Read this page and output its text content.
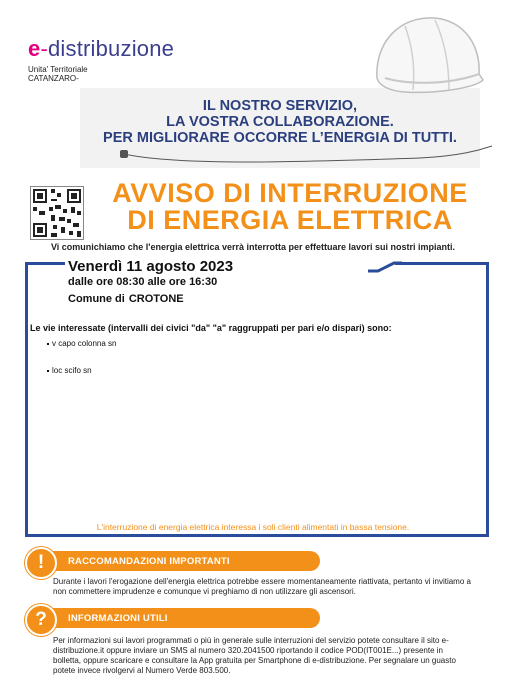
e-distribuzione
Unita' Territoriale
CATANZARO-
IL NOSTRO SERVIZIO,
LA VOSTRA COLLABORAZIONE.
PER MIGLIORARE OCCORRE L’ENERGIA DI TUTTI.
AVVISO DI INTERRUZIONE
DI ENERGIA ELETTRICA
Vi comunichiamo che l'energia elettrica verrà interrotta per effettuare lavori sui nostri impianti.
Venerdì 11 agosto 2023
dalle ore 08:30 alle ore 16:30
Comune di CROTONE
Le vie interessate (intervalli dei civici "da" "a" raggruppati per pari e/o dispari) sono:
v capo colonna sn
loc scifo sn
L'interruzione di energia elettrica interessa i soli clienti alimentati in bassa tensione.
!	RACCOMANDAZIONI IMPORTANTI
Durante i lavori l'erogazione dell'energia elettrica potrebbe essere momentaneamente riattivata, pertanto vi invitiamo a non commettere imprudenze e comunque vi preghiamo di non utilizzare gli ascensori.
?	INFORMAZIONI UTILI
Per informazioni sui lavori programmati o più in generale sulle interruzioni del servizio potete consultare il sito e-distribuzione.it oppure inviare un SMS al numero 320.2041500 riportando il codice POD(IT001E...) presente in bolletta, oppure scaricare e consultare la App gratuita per Smartphone di e-distribuzione. Per segnalare un guasto potete invece rivolgervi al Numero Verde 803.500.
